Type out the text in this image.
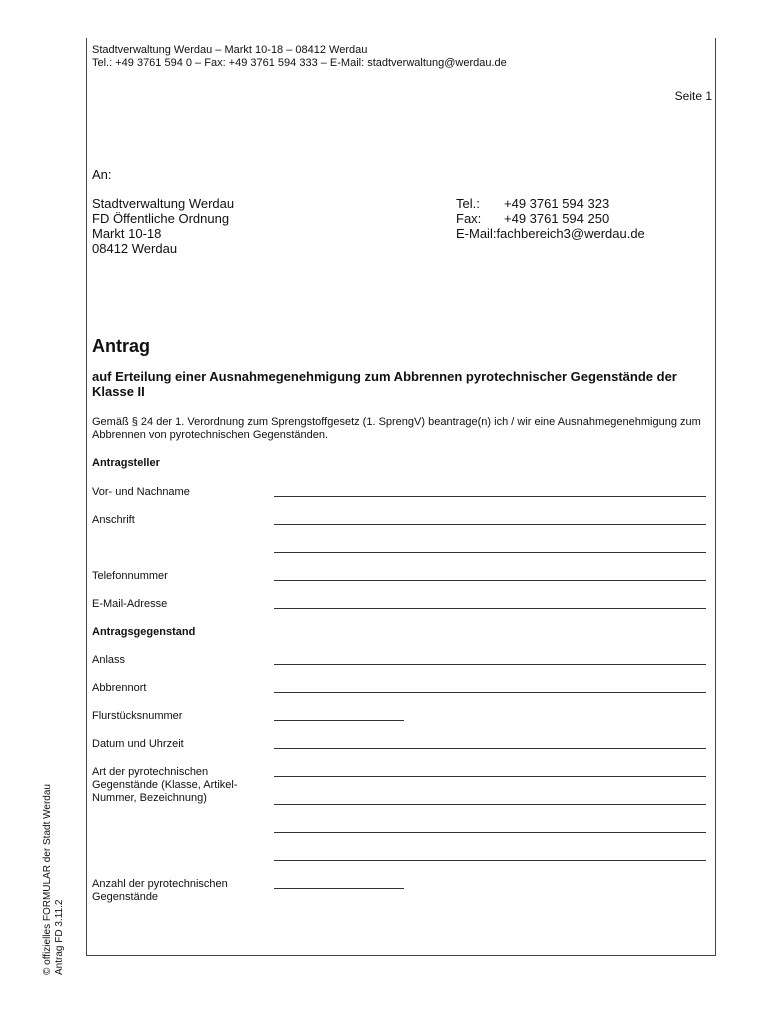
Stadtverwaltung Werdau – Markt 10-18 – 08412 Werdau
Tel.: +49 3761 594 0 – Fax: +49 3761 594 333 – E-Mail: stadtverwaltung@werdau.de
Seite 1
An:
Stadtverwaltung Werdau
FD Öffentliche Ordnung
Markt 10-18
08412 Werdau
Tel.: +49 3761 594 323
Fax: +49 3761 594 250
E-Mail:fachbereich3@werdau.de
Antrag
auf Erteilung einer Ausnahmegenehmigung zum Abbrennen pyrotechnischer Gegenstände der Klasse II
Gemäß § 24 der 1. Verordnung zum Sprengstoffgesetz (1. SprengV) beantrage(n) ich / wir eine Ausnahmegenehmigung zum Abbrennen von pyrotechnischen Gegenständen.
Antragsteller
Vor- und Nachname
Anschrift
Telefonnummer
E-Mail-Adresse
Antragsgegenstand
Anlass
Abbrennort
Flurstücksnummer
Datum und Uhrzeit
Art der pyrotechnischen Gegenstände (Klasse, Artikel-Nummer, Bezeichnung)
Anzahl der pyrotechnischen Gegenstände
© offizielles FORMULAR der Stadt Werdau Antrag FD 3.11.2
